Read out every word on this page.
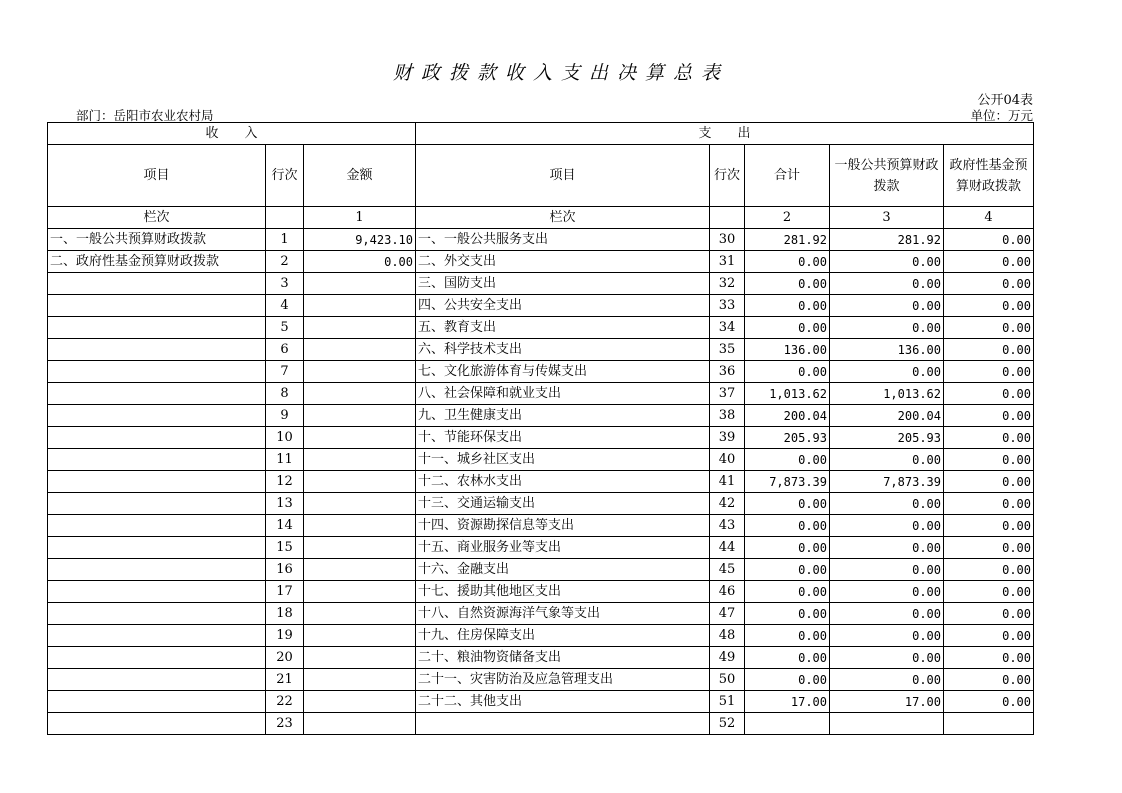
财政拨款收入支出决算总表
公开04表
部门：岳阳市农业农村局	单位：万元
收　　入			支　　出				
项目	行次	金额	项目	行次	合计	一般公共预算财政拨款	政府性基金预算财政拨款
栏次		1	栏次		2	3	4
一、一般公共预算财政拨款	1	9,423.10	一、一般公共服务支出	30	281.92	281.92	0.00
二、政府性基金预算财政拨款	2	0.00	二、外交支出	31	0.00	0.00	0.00
	3		三、国防支出	32	0.00	0.00	0.00
	4		四、公共安全支出	33	0.00	0.00	0.00
	5		五、教育支出	34	0.00	0.00	0.00
	6		六、科学技术支出	35	136.00	136.00	0.00
	7		七、文化旅游体育与传媒支出	36	0.00	0.00	0.00
	8		八、社会保障和就业支出	37	1,013.62	1,013.62	0.00
	9		九、卫生健康支出	38	200.04	200.04	0.00
	10		十、节能环保支出	39	205.93	205.93	0.00
	11		十一、城乡社区支出	40	0.00	0.00	0.00
	12		十二、农林水支出	41	7,873.39	7,873.39	0.00
	13		十三、交通运输支出	42	0.00	0.00	0.00
	14		十四、资源勘探信息等支出	43	0.00	0.00	0.00
	15		十五、商业服务业等支出	44	0.00	0.00	0.00
	16		十六、金融支出	45	0.00	0.00	0.00
	17		十七、援助其他地区支出	46	0.00	0.00	0.00
	18		十八、自然资源海洋气象等支出	47	0.00	0.00	0.00
	19		十九、住房保障支出	48	0.00	0.00	0.00
	20		二十、粮油物资储备支出	49	0.00	0.00	0.00
	21		二十一、灾害防治及应急管理支出	50	0.00	0.00	0.00
	22		二十二、其他支出	51	17.00	17.00	0.00
	23			52			
